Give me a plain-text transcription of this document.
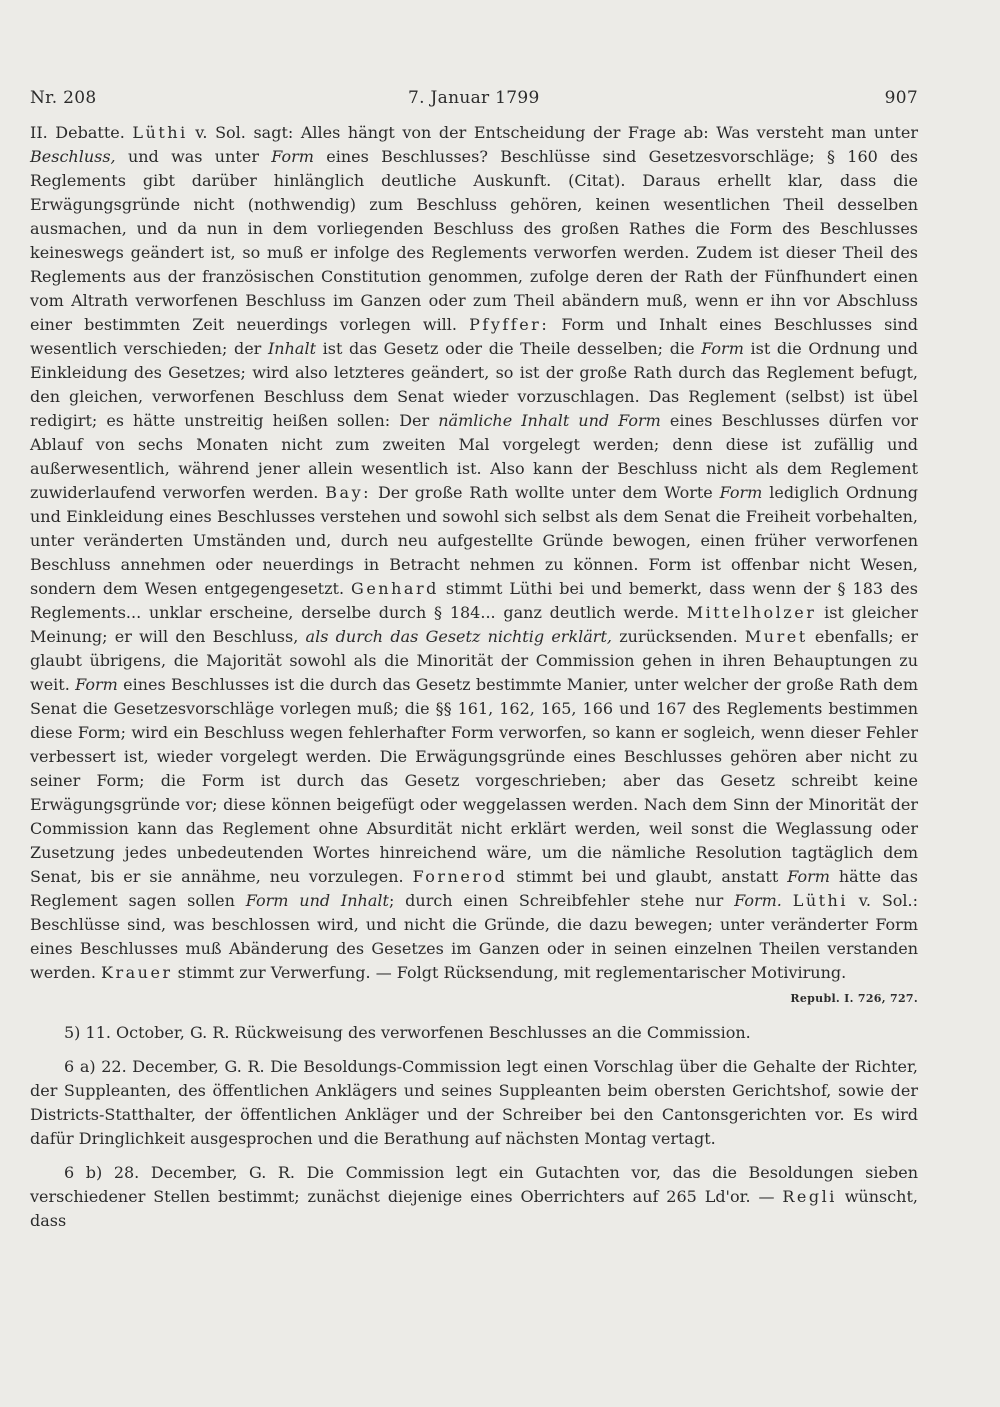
Nr. 208	7. Januar 1799	907

II. Debatte. Lüthi v. Sol. sagt: Alles hängt von der Entscheidung der Frage ab: Was versteht man unter Beschluss, und was unter Form eines Beschlusses? Beschlüsse sind Gesetzesvorschläge; § 160 des Reglements gibt darüber hinlänglich deutliche Auskunft. (Citat). Daraus erhellt klar, dass die Erwägungsgründe nicht (nothwendig) zum Beschluss gehören, keinen wesentlichen Theil desselben ausmachen, und da nun in dem vorliegenden Beschluss des großen Rathes die Form des Beschlusses keineswegs geändert ist, so muß er infolge des Reglements verworfen werden. Zudem ist dieser Theil des Reglements aus der französischen Constitution genommen, zufolge deren der Rath der Fünfhundert einen vom Altrath verworfenen Beschluss im Ganzen oder zum Theil abändern muß, wenn er ihn vor Abschluss einer bestimmten Zeit neuerdings vorlegen will. Pfyffer: Form und Inhalt eines Beschlusses sind wesentlich verschieden; der Inhalt ist das Gesetz oder die Theile desselben; die Form ist die Ordnung und Einkleidung des Gesetzes; wird also letzteres geändert, so ist der große Rath durch das Reglement befugt, den gleichen, verworfenen Beschluss dem Senat wieder vorzuschlagen. Das Reglement (selbst) ist übel redigirt; es hätte unstreitig heißen sollen: Der nämliche Inhalt und Form eines Beschlusses dürfen vor Ablauf von sechs Monaten nicht zum zweiten Mal vorgelegt werden; denn diese ist zufällig und außerwesentlich, während jener allein wesentlich ist. Also kann der Beschluss nicht als dem Reglement zuwiderlaufend verworfen werden. Bay: Der große Rath wollte unter dem Worte Form lediglich Ordnung und Einkleidung eines Beschlusses verstehen und sowohl sich selbst als dem Senat die Freiheit vorbehalten, unter veränderten Umständen und, durch neu aufgestellte Gründe bewogen, einen früher verworfenen Beschluss annehmen oder neuerdings in Betracht nehmen zu können. Form ist offenbar nicht Wesen, sondern dem Wesen entgegengesetzt. Genhard stimmt Lüthi bei und bemerkt, dass wenn der § 183 des Reglements... unklar erscheine, derselbe durch § 184... ganz deutlich werde. Mittelholzer ist gleicher Meinung; er will den Beschluss, als durch das Gesetz nichtig erklärt, zurücksenden. Muret ebenfalls; er glaubt übrigens, die Majorität sowohl als die Minorität der Commission gehen in ihren Behauptungen zu weit. Form eines Beschlusses ist die durch das Gesetz bestimmte Manier, unter welcher der große Rath dem Senat die Gesetzesvorschläge vorlegen muß; die §§ 161, 162, 165, 166 und 167 des Reglements bestimmen diese Form; wird ein Beschluss wegen fehlerhafter Form verworfen, so kann er sogleich, wenn dieser Fehler verbessert ist, wieder vorgelegt werden. Die Erwägungsgründe eines Beschlusses gehören aber nicht zu seiner Form; die Form ist durch das Gesetz vorgeschrieben; aber das Gesetz schreibt keine Erwägungsgründe vor; diese können beigefügt oder weggelassen werden. Nach dem Sinn der Minorität der Commission kann das Reglement ohne Absurdität nicht erklärt werden, weil sonst die Weglassung oder Zusetzung jedes unbedeutenden Wortes hinreichend wäre, um die nämliche Resolution tagtäglich dem Senat, bis er sie annähme, neu vorzulegen. Fornerod stimmt bei und glaubt, anstatt Form hätte das Reglement sagen sollen Form und Inhalt; durch einen Schreibfehler stehe nur Form. Lüthi v. Sol.: Beschlüsse sind, was beschlossen wird, und nicht die Gründe, die dazu bewegen; unter veränderter Form eines Beschlusses muß Abänderung des Gesetzes im Ganzen oder in seinen einzelnen Theilen verstanden werden. Krauer stimmt zur Verwerfung. — Folgt Rücksendung, mit reglementarischer Motivirung.

Republ. I. 726, 727.

5) 11. October, G. R. Rückweisung des verworfenen Beschlusses an die Commission.

6 a) 22. December, G. R. Die Besoldungs-Commission legt einen Vorschlag über die Gehalte der Richter, der Suppleanten, des öffentlichen Anklägers und seines Suppleanten beim obersten Gerichtshof, sowie der Districts-Statthalter, der öffentlichen Ankläger und der Schreiber bei den Cantonsgerichten vor. Es wird dafür Dringlichkeit ausgesprochen und die Berathung auf nächsten Montag vertagt.

6 b) 28. December, G. R. Die Commission legt ein Gutachten vor, das die Besoldungen sieben verschiedener Stellen bestimmt; zunächst diejenige eines Oberrichters auf 265 Ld'or. — Regli wünscht, dass
